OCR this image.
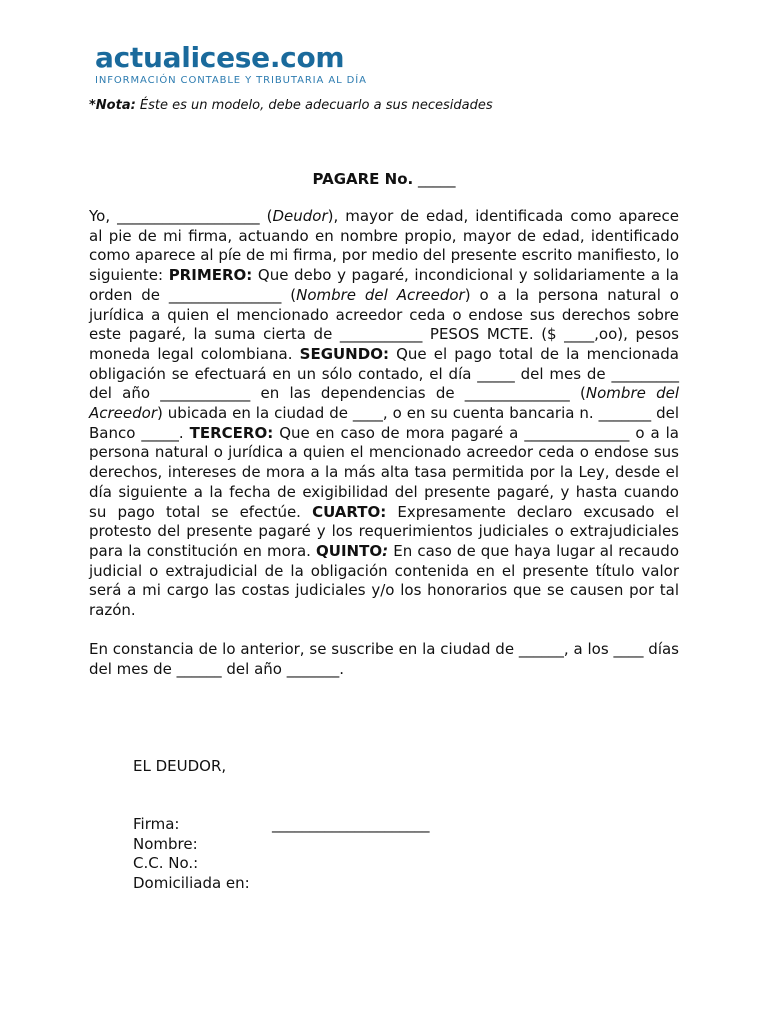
actualicese.com
INFORMACIÓN CONTABLE Y TRIBUTARIA AL DÍA
*Nota: Éste es un modelo, debe adecuarlo a sus necesidades
PAGARE No. _____

Yo, ___________________ (Deudor), mayor de edad, identificada como aparece al pie de mi firma, actuando en nombre propio, mayor de edad, identificado como aparece al píe de mi firma, por medio del presente escrito manifiesto, lo siguiente: PRIMERO: Que debo y pagaré, incondicional y solidariamente a la orden de _______________ (Nombre del Acreedor) o a la persona natural o jurídica a quien el mencionado acreedor ceda o endose sus derechos sobre este pagaré, la suma cierta de ___________ PESOS MCTE. ($ ____,oo), pesos moneda legal colombiana. SEGUNDO: Que el pago total de la mencionada obligación se efectuará en un sólo contado, el día _____ del mes de _________ del año ____________ en las dependencias de ______________ (Nombre del Acreedor) ubicada en la ciudad de ____, o en su cuenta bancaria n. _______ del Banco _____. TERCERO: Que en caso de mora pagaré a ______________ o a la persona natural o jurídica a quien el mencionado acreedor ceda o endose sus derechos, intereses de mora a la más alta tasa permitida por la Ley, desde el día siguiente a la fecha de exigibilidad del presente pagaré, y hasta cuando su pago total se efectúe. CUARTO: Expresamente declaro excusado el protesto del presente pagaré y los requerimientos judiciales o extrajudiciales para la constitución en mora. QUINTO: En caso de que haya lugar al recaudo judicial o extrajudicial de la obligación contenida en el presente título valor será a mi cargo las costas judiciales y/o los honorarios que se causen por tal razón.

En constancia de lo anterior, se suscribe en la ciudad de ______, a los ____ días del mes de ______ del año _______.

EL DEUDOR,
Firma:	_____________________
Nombre:
C.C. No.:
Domiciliada en:
